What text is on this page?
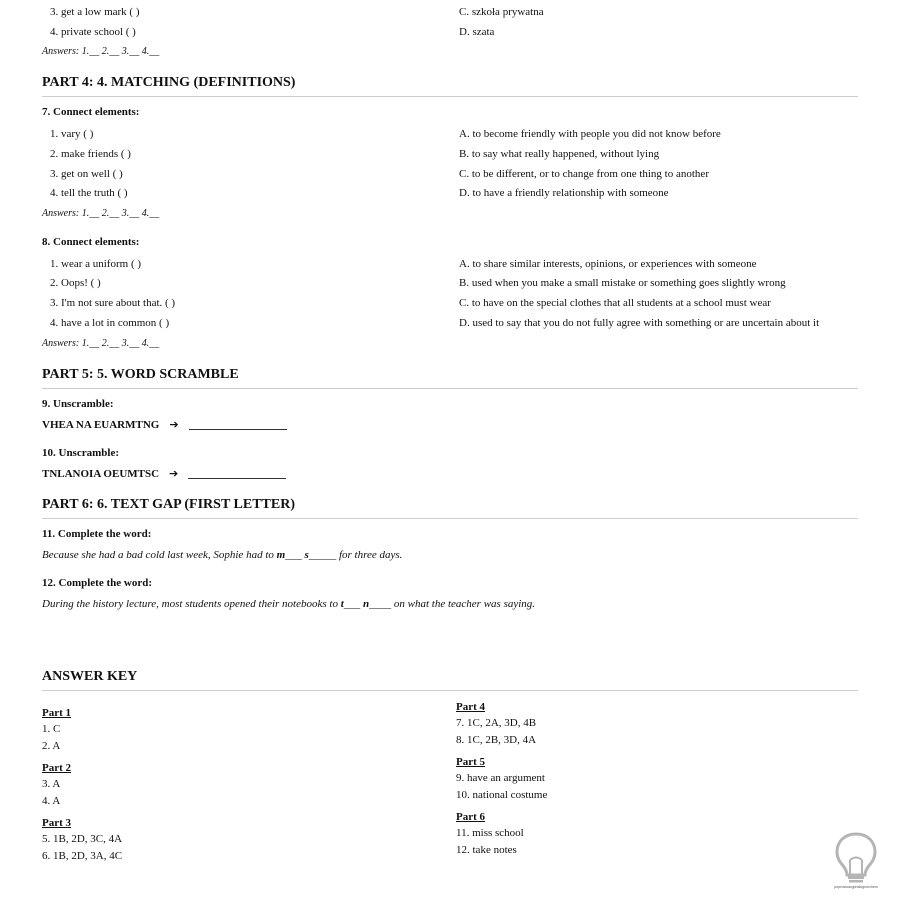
3. get a low mark ( )	C. szkoła prywatna
4. private school ( )	D. szata
Answers: 1.__ 2.__ 3.__ 4.__
PART 4: 4. MATCHING (DEFINITIONS)
7. Connect elements:
1. vary ( )	A. to become friendly with people you did not know before
2. make friends ( )	B. to say what really happened, without lying
3. get on well ( )	C. to be different, or to change from one thing to another
4. tell the truth ( )	D. to have a friendly relationship with someone
Answers: 1.__ 2.__ 3.__ 4.__
8. Connect elements:
1. wear a uniform ( )	A. to share similar interests, opinions, or experiences with someone
2. Oops! ( )	B. used when you make a small mistake or something goes slightly wrong
3. I'm not sure about that. ( )	C. to have on the special clothes that all students at a school must wear
4. have a lot in common ( )	D. used to say that you do not fully agree with something or are uncertain about it
Answers: 1.__ 2.__ 3.__ 4.__
PART 5: 5. WORD SCRAMBLE
9. Unscramble:
VHEA NA EUARMTNG ➔
10. Unscramble:
TNLANOIA OEUMTSC ➔
PART 6: 6. TEXT GAP (FIRST LETTER)
11. Complete the word:
Because she had a bad cold last week, Sophie had to m___ s_____ for three days.
12. Complete the word:
During the history lecture, most students opened their notebooks to t___ n____ on what the teacher was saying.
ANSWER KEY
Part 1
1. C
2. A
Part 2
3. A
4. A
Part 3
5. 1B, 2D, 3C, 4A
6. 1B, 2D, 3A, 4C
Part 4
7. 1C, 2A, 3D, 4B
8. 1C, 2B, 3D, 4A
Part 5
9. have an argument
10. national costume
Part 6
11. miss school
12. take notes
poprostuangielskigrzechem
